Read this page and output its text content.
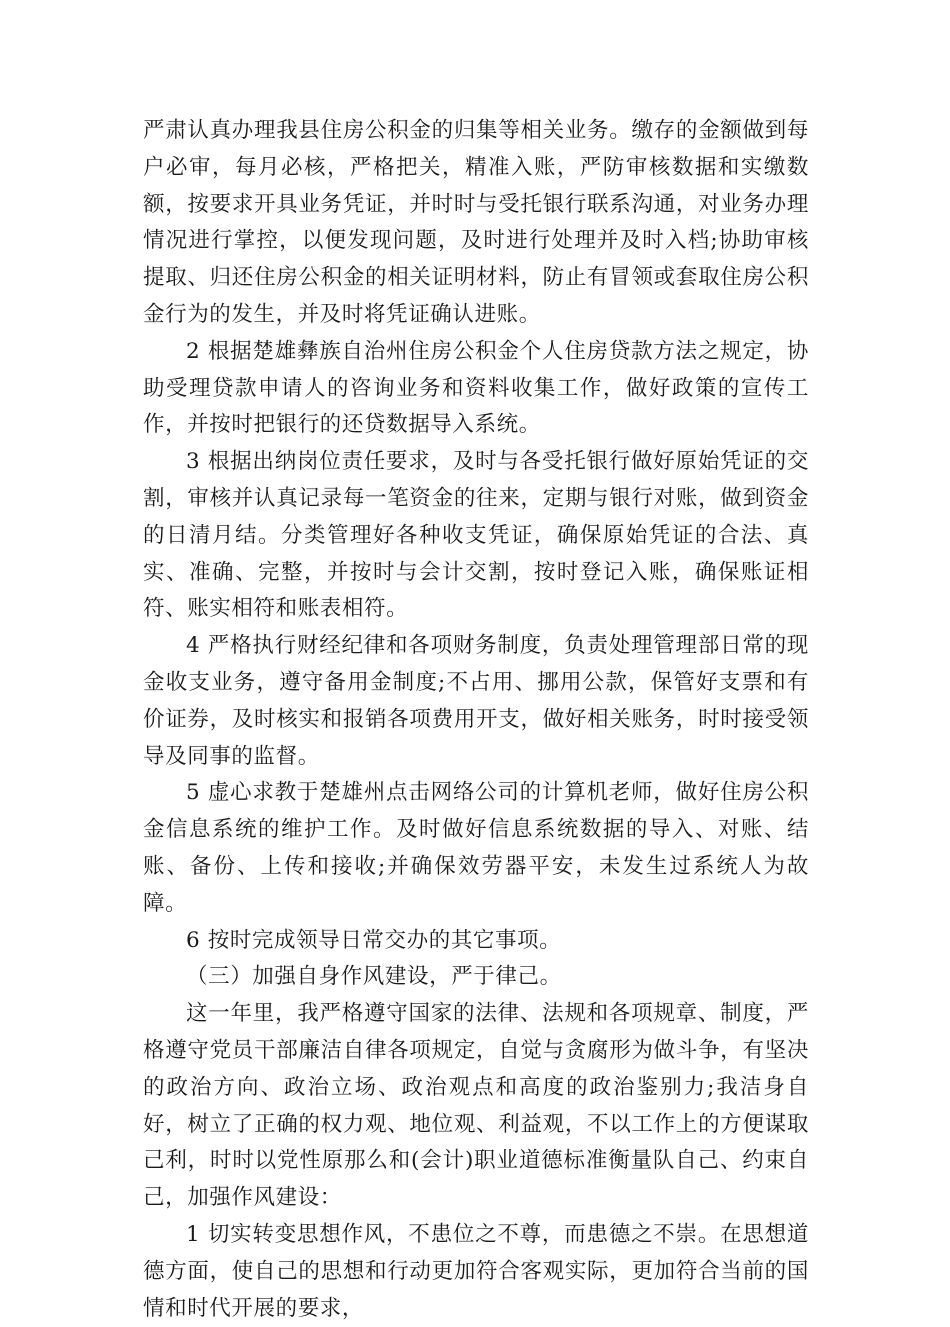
严肃认真办理我县住房公积金的归集等相关业务。缴存的金额做到每户必审，每月必核，严格把关，精准入账，严防审核数据和实缴数额，按要求开具业务凭证，并时时与受托银行联系沟通，对业务办理情况进行掌控，以便发现问题，及时进行处理并及时入档;协助审核提取、归还住房公积金的相关证明材料，防止有冒领或套取住房公积金行为的发生，并及时将凭证确认进账。

2 根据楚雄彝族自治州住房公积金个人住房贷款方法之规定，协助受理贷款申请人的咨询业务和资料收集工作，做好政策的宣传工作，并按时把银行的还贷数据导入系统。

3 根据出纳岗位责任要求，及时与各受托银行做好原始凭证的交割，审核并认真记录每一笔资金的往来，定期与银行对账，做到资金的日清月结。分类管理好各种收支凭证，确保原始凭证的合法、真实、准确、完整，并按时与会计交割，按时登记入账，确保账证相符、账实相符和账表相符。

4 严格执行财经纪律和各项财务制度，负责处理管理部日常的现金收支业务，遵守备用金制度;不占用、挪用公款，保管好支票和有价证券，及时核实和报销各项费用开支，做好相关账务，时时接受领导及同事的监督。

5 虚心求教于楚雄州点击网络公司的计算机老师，做好住房公积金信息系统的维护工作。及时做好信息系统数据的导入、对账、结账、备份、上传和接收;并确保效劳器平安，未发生过系统人为故障。

6 按时完成领导日常交办的其它事项。

（三）加强自身作风建设，严于律己。

这一年里，我严格遵守国家的法律、法规和各项规章、制度，严格遵守党员干部廉洁自律各项规定，自觉与贪腐形为做斗争，有坚决的政治方向、政治立场、政治观点和高度的政治鉴别力;我洁身自好，树立了正确的权力观、地位观、利益观，不以工作上的方便谋取己利，时时以党性原那么和(会计)职业道德标准衡量队自己、约束自己，加强作风建设：

1 切实转变思想作风，不患位之不尊，而患德之不崇。在思想道德方面，使自己的思想和行动更加符合客观实际，更加符合当前的国情和时代开展的要求，
